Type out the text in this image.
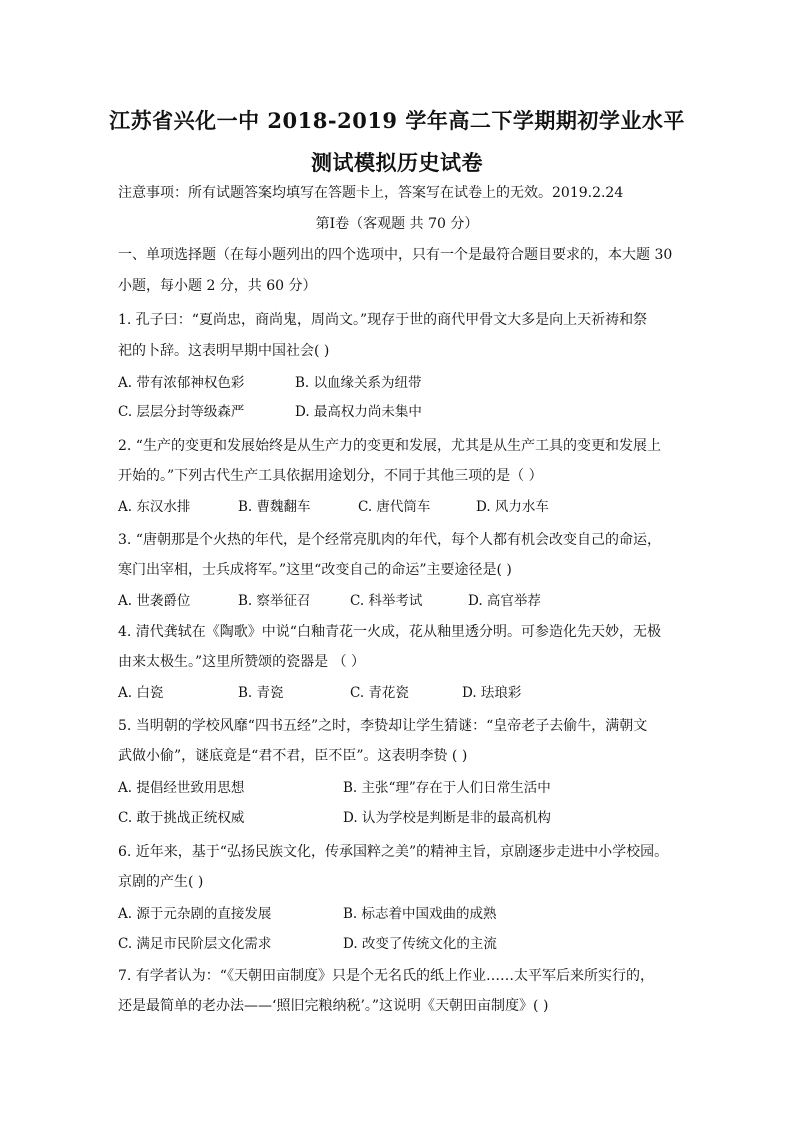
江苏省兴化一中 2018-2019 学年高二下学期期初学业水平
测试模拟历史试卷
注意事项：所有试题答案均填写在答题卡上，答案写在试卷上的无效。2019.2.24
第Ⅰ卷（客观题 共 70 分）
一、单项选择题（在每小题列出的四个选项中，只有一个是最符合题目要求的，本大题 30
小题，每小题 2 分，共 60 分）
1. 孔子曰：“夏尚忠，商尚鬼，周尚文。”现存于世的商代甲骨文大多是向上天祈祷和祭
祀的卜辞。这表明早期中国社会( )
A. 带有浓郁神权色彩	B. 以血缘关系为纽带
C. 层层分封等级森严	D. 最高权力尚未集中
2. “生产的变更和发展始终是从生产力的变更和发展，尤其是从生产工具的变更和发展上
开始的。”下列古代生产工具依据用途划分，不同于其他三项的是（ ）
A. 东汉水排	B. 曹魏翻车	C. 唐代筒车	D. 风力水车
3. “唐朝那是个火热的年代，是个经常亮肌肉的年代，每个人都有机会改变自己的命运，
寒门出宰相，士兵成将军。”这里“改变自己的命运”主要途径是( )
A. 世袭爵位	B. 察举征召	C. 科举考试	D. 高官举荐
4. 清代龚轼在《陶歌》中说“白釉青花一火成，花从釉里透分明。可参造化先天妙，无极
由来太极生。”这里所赞颂的瓷器是 （ ）
A. 白瓷	B. 青瓷	C. 青花瓷	D. 珐琅彩
5. 当明朝的学校风靡“四书五经”之时，李贽却让学生猜谜：“皇帝老子去偷牛，满朝文
武做小偷”，谜底竟是“君不君，臣不臣”。这表明李贽 ( )
A. 提倡经世致用思想	B. 主张“理”存在于人们日常生活中
C. 敢于挑战正统权威	D. 认为学校是判断是非的最高机构
6. 近年来，基于“弘扬民族文化，传承国粹之美”的精神主旨，京剧逐步走进中小学校园。
京剧的产生( )
A. 源于元杂剧的直接发展	B. 标志着中国戏曲的成熟
C. 满足市民阶层文化需求	D. 改变了传统文化的主流
7. 有学者认为：“《天朝田亩制度》只是个无名氏的纸上作业……太平军后来所实行的，
还是最简单的老办法——‘照旧完粮纳税’。”这说明《天朝田亩制度》( )
